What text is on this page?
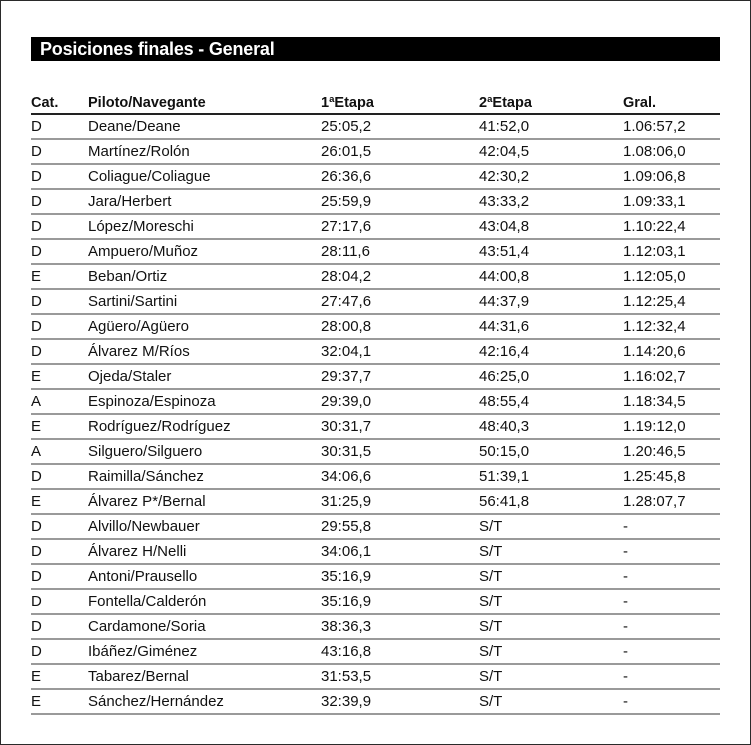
Posiciones finales - General
Cat.	Piloto/Navegante	1ªEtapa	2ªEtapa	Gral.
D	Deane/Deane	25:05,2	41:52,0	1.06:57,2
D	Martínez/Rolón	26:01,5	42:04,5	1.08:06,0
D	Coliague/Coliague	26:36,6	42:30,2	1.09:06,8
D	Jara/Herbert	25:59,9	43:33,2	1.09:33,1
D	López/Moreschi	27:17,6	43:04,8	1.10:22,4
D	Ampuero/Muñoz	28:11,6	43:51,4	1.12:03,1
E	Beban/Ortiz	28:04,2	44:00,8	1.12:05,0
D	Sartini/Sartini	27:47,6	44:37,9	1.12:25,4
D	Agüero/Agüero	28:00,8	44:31,6	1.12:32,4
D	Álvarez M/Ríos	32:04,1	42:16,4	1.14:20,6
E	Ojeda/Staler	29:37,7	46:25,0	1.16:02,7
A	Espinoza/Espinoza	29:39,0	48:55,4	1.18:34,5
E	Rodríguez/Rodríguez	30:31,7	48:40,3	1.19:12,0
A	Silguero/Silguero	30:31,5	50:15,0	1.20:46,5
D	Raimilla/Sánchez	34:06,6	51:39,1	1.25:45,8
E	Álvarez P*/Bernal	31:25,9	56:41,8	1.28:07,7
D	Alvillo/Newbauer	29:55,8	S/T	-
D	Álvarez H/Nelli	34:06,1	S/T	-
D	Antoni/Prausello	35:16,9	S/T	-
D	Fontella/Calderón	35:16,9	S/T	-
D	Cardamone/Soria	38:36,3	S/T	-
D	Ibáñez/Giménez	43:16,8	S/T	-
E	Tabarez/Bernal	31:53,5	S/T	-
E	Sánchez/Hernández	32:39,9	S/T	-
